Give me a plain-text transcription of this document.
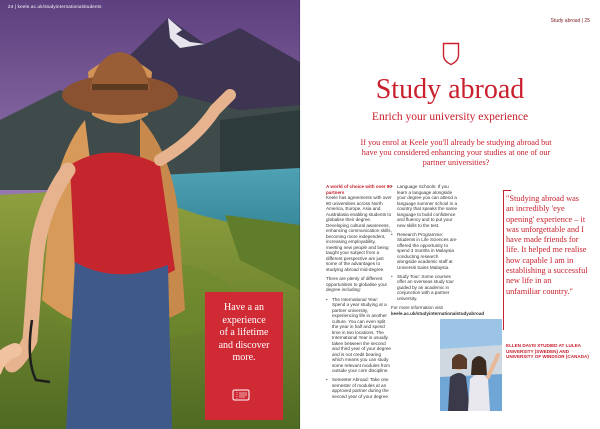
24 | keele.ac.uk/studyinternationalstudents
Have a an
experience
of a lifetime
and discover
more.
Study abroad | 25
Study abroad
Enrich your university experience
If you enrol at Keele you'll already be studying abroad but have you considered enhancing your studies at one of our partner universities?

A world of choice with over 80 partners

Keele has agreements with over 80 universities across North America, Europe, Asia and Australasia enabling students to globalise their degree. Developing cultural awareness, enhancing communication skills, becoming more independent, increasing employability, meeting new people and being taught your subject from a different perspective are just some of the advantages to studying abroad mid-degree.

There are plenty of different opportunities to globalise your degree including:

• The International Year: Spend a year studying at a partner university, experiencing life in another culture. You can even split the year in half and spend time in two locations. The International Year is usually taken between the second and third year of your degree and is not credit bearing which means you can study some relevant modules from outside your core discipline.
• Semester Abroad: Take one semester of modules at an approved partner during the second year of your degree.
• Language Schools: If you learn a language alongside your degree you can attend a language summer school in a country that speaks the same language to build confidence and fluency and to put your new skills to the test.
• Research Programme: Students in Life Sciences are offered the opportunity to spend 3 months in Malaysia conducting research alongside academic staff at Universiti Sains Malaysia.
• Study Tour: Some courses offer an overseas study tour guided by an academic in conjunction with a partner university.

For more information visit

keele.ac.uk/studyinternationalstudyabroad

"Studying abroad was an incredibly 'eye opening' experience – it was unforgettable and I have made friends for life. It helped me realise how capable I am in establishing a successful new life in an unfamiliar country."
ELLEN DAVIS STUDIED AT LULEA UNIVERSITY (SWEDEN) AND UNIVERSITY OF WINDSOR (CANADA)
